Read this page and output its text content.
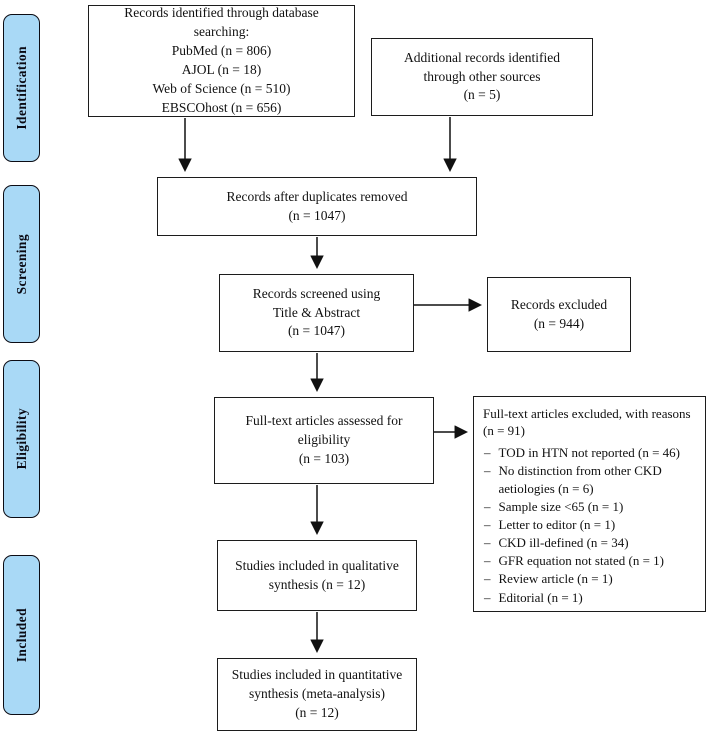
Identification
Screening
Eligibility
Included
Records identified through database
searching:
PubMed (n = 806)
AJOL (n = 18)
Web of Science (n = 510)
EBSCOhost (n = 656)
Additional records identified
through other sources
(n = 5)
Records after duplicates removed
(n = 1047)
Records screened using
Title & Abstract
(n = 1047)
Records excluded
(n = 944)
Full-text articles assessed for
eligibility
(n = 103)
Full-text articles excluded, with reasons (n = 91)
– TOD in HTN not reported (n = 46)
– No distinction from other CKD aetiologies (n = 6)
– Sample size <65 (n = 1)
– Letter to editor (n = 1)
– CKD ill-defined (n = 34)
– GFR equation not stated (n = 1)
– Review article (n = 1)
– Editorial (n = 1)
Studies included in qualitative
synthesis (n = 12)
Studies included in quantitative
synthesis (meta-analysis)
(n = 12)
